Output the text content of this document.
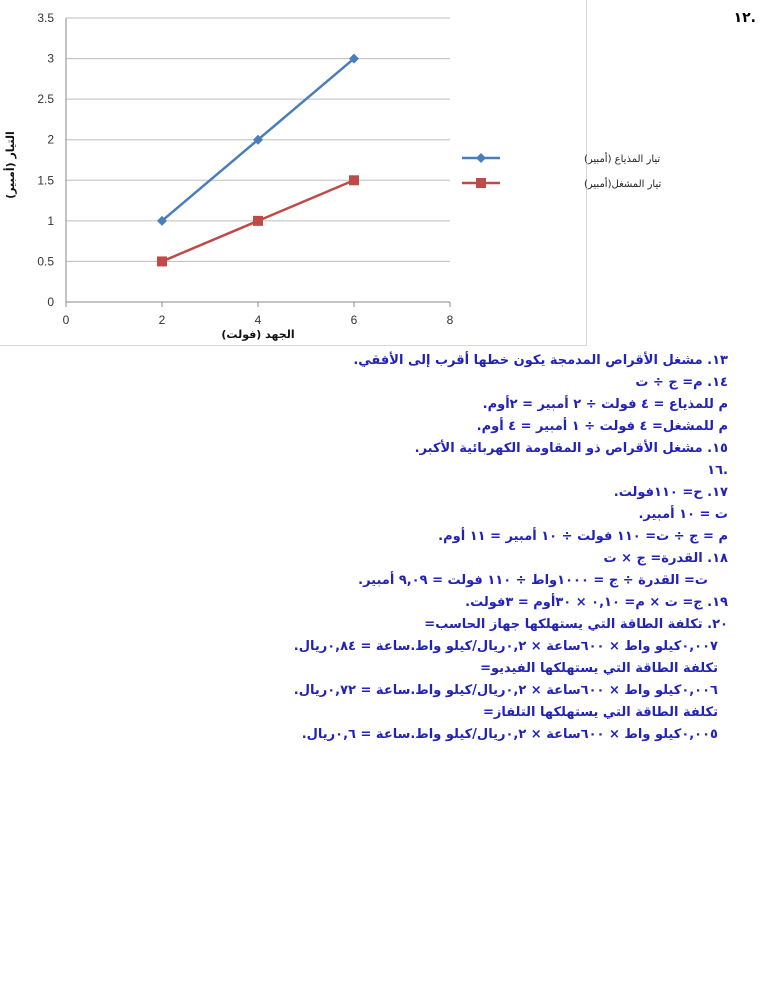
.١٢
0
0.5
1
1.5
2
2.5
3
3.5
0	2	4	6	8
تيار المذياع (أمبير)
تيار المشغل(أمبير)
الجهد (فولت)
التيار (أمبير)
١٣. مشغل الأقراص المدمجة يكون خطها أقرب إلى الأفقي.
١٤. م= ج ÷ ت
م للمذياع = ٤ فولت ÷ ٢ أمبير = ٢أوم.
م للمشغل= ٤ فولت ÷ ١ أمبير = ٤ أوم.
١٥. مشغل الأقراص ذو المقاومة الكهربائية الأكبر.
.١٦
١٧. ح= ١١٠فولت.
ت = ١٠ أمبير.
م = ج ÷ ت= ١١٠ فولت ÷ ١٠ أمبير = ١١ أوم.
١٨. القدرة= ج × ت
ت= القدرة ÷ ج = ١٠٠٠واط ÷ ١١٠ فولت = ٩,٠٩ أمبير.
١٩. ج= ت × م= ٠,١٠ × ٣٠أوم = ٣فولت.
٢٠. تكلفة الطاقة التي يستهلكها جهاز الحاسب=
٠,٠٠٧كيلو واط × ٦٠٠ساعة × ٠,٢ريال/كيلو واط.ساعة = ٠,٨٤ريال.
تكلفة الطاقة التي يستهلكها الفيديو=
٠,٠٠٦كيلو واط × ٦٠٠ساعة × ٠,٢ريال/كيلو واط.ساعة = ٠,٧٢ريال.
تكلفة الطاقة التي يستهلكها التلفاز=
٠,٠٠٥كيلو واط × ٦٠٠ساعة × ٠,٢ريال/كيلو واط.ساعة = ٠,٦ريال.
